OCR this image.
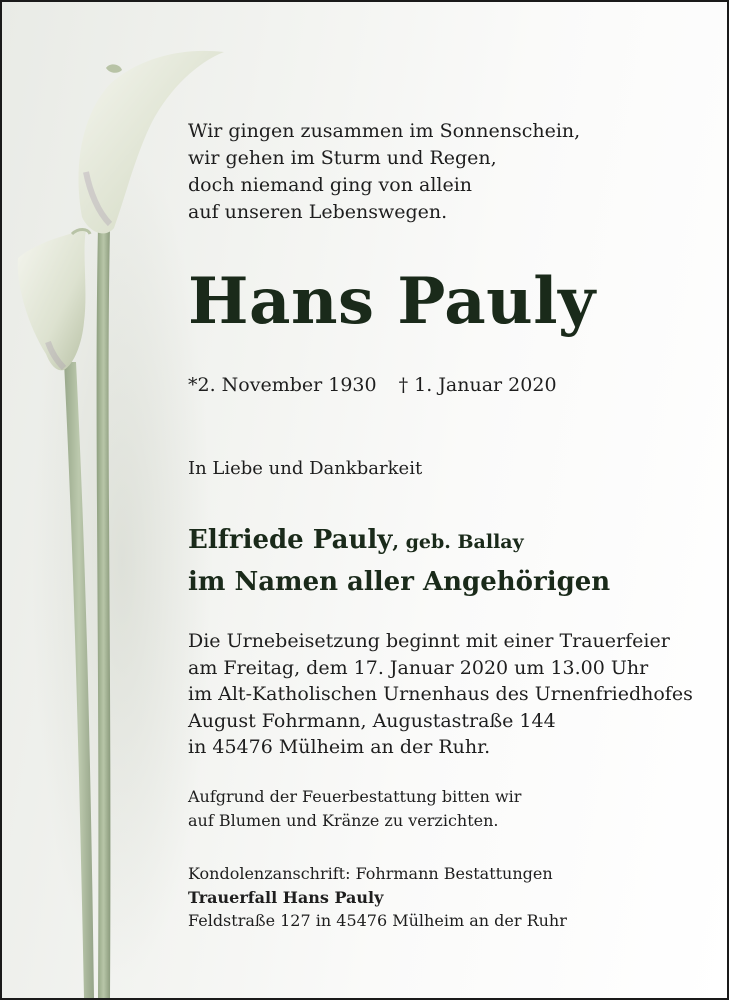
Wir gingen zusammen im Sonnenschein,
wir gehen im Sturm und Regen,
doch niemand ging von allein
auf unseren Lebenswegen.
Hans Pauly
*2. November 1930 † 1. Januar 2020
In Liebe und Dankbarkeit
Elfriede Pauly, geb. Ballay
im Namen aller Angehörigen
Die Urnebeisetzung beginnt mit einer Trauerfeier
am Freitag, dem 17. Januar 2020 um 13.00 Uhr
im Alt-Katholischen Urnenhaus des Urnenfriedhofes
August Fohrmann, Augustastraße 144
in 45476 Mülheim an der Ruhr.
Aufgrund der Feuerbestattung bitten wir
auf Blumen und Kränze zu verzichten.
Kondolenzanschrift: Fohrmann Bestattungen
Trauerfall Hans Pauly
Feldstraße 127 in 45476 Mülheim an der Ruhr
